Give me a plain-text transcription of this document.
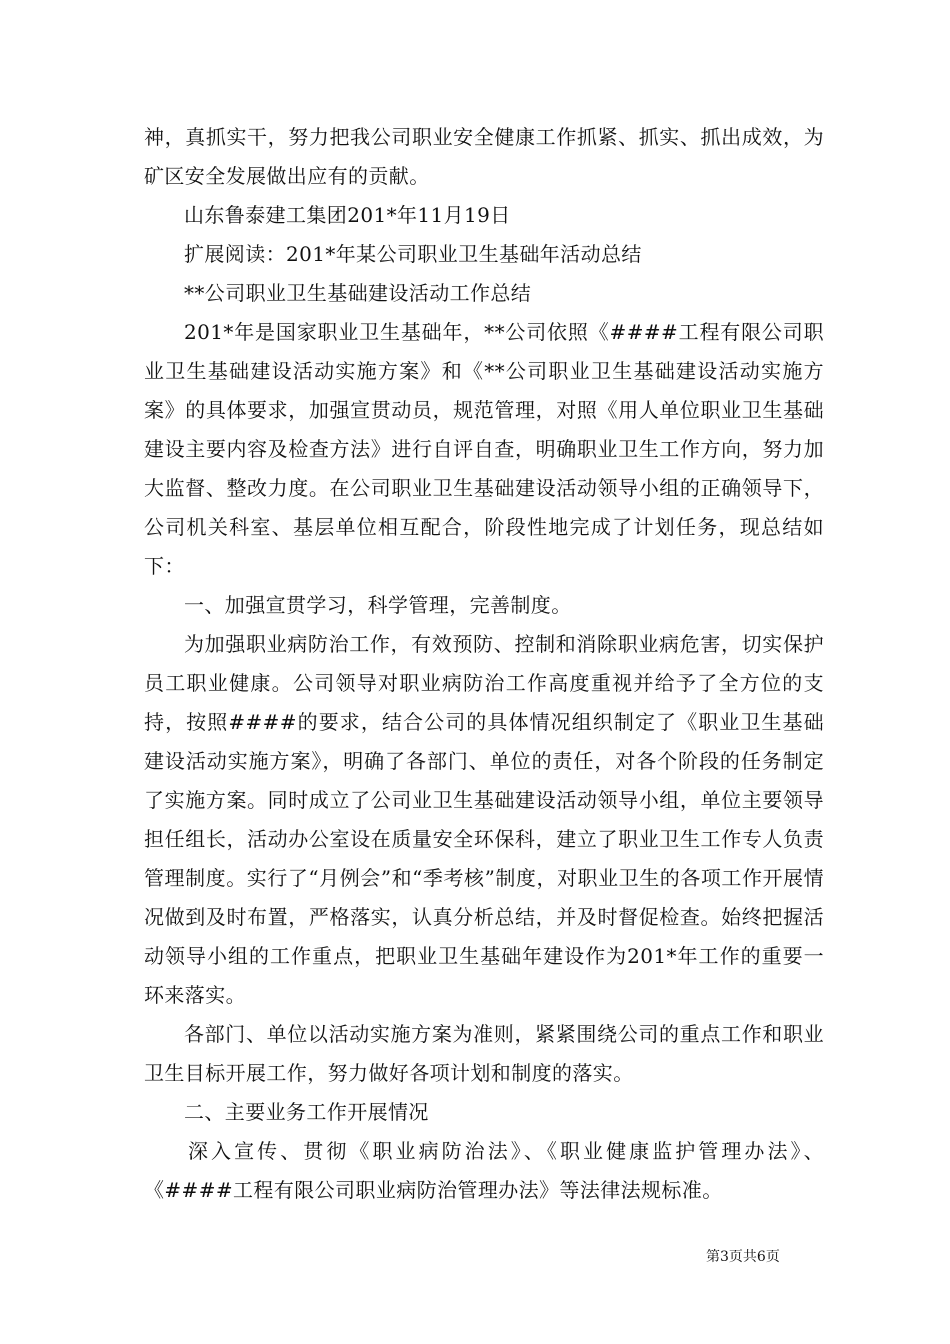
神，真抓实干，努力把我公司职业安全健康工作抓紧、抓实、抓出成效，为矿区安全发展做出应有的贡献。

山东鲁泰建工集团201*年11月19日

扩展阅读：201*年某公司职业卫生基础年活动总结

**公司职业卫生基础建设活动工作总结

201*年是国家职业卫生基础年，**公司依照《####工程有限公司职业卫生基础建设活动实施方案》和《**公司职业卫生基础建设活动实施方案》的具体要求，加强宣贯动员，规范管理，对照《用人单位职业卫生基础建设主要内容及检查方法》进行自评自查，明确职业卫生工作方向，努力加大监督、整改力度。在公司职业卫生基础建设活动领导小组的正确领导下，公司机关科室、基层单位相互配合，阶段性地完成了计划任务，现总结如下：

一、加强宣贯学习，科学管理，完善制度。

为加强职业病防治工作，有效预防、控制和消除职业病危害，切实保护员工职业健康。公司领导对职业病防治工作高度重视并给予了全方位的支持，按照####的要求，结合公司的具体情况组织制定了《职业卫生基础建设活动实施方案》，明确了各部门、单位的责任，对各个阶段的任务制定了实施方案。同时成立了公司业卫生基础建设活动领导小组，单位主要领导担任组长，活动办公室设在质量安全环保科，建立了职业卫生工作专人负责管理制度。实行了“月例会”和“季考核”制度，对职业卫生的各项工作开展情况做到及时布置，严格落实，认真分析总结，并及时督促检查。始终把握活动领导小组的工作重点，把职业卫生基础年建设作为201*年工作的重要一环来落实。

各部门、单位以活动实施方案为准则，紧紧围绕公司的重点工作和职业卫生目标开展工作，努力做好各项计划和制度的落实。

二、主要业务工作开展情况

深入宣传、贯彻《职业病防治法》、《职业健康监护管理办法》、《####工程有限公司职业病防治管理办法》等法律法规标准。

第3页共6页
